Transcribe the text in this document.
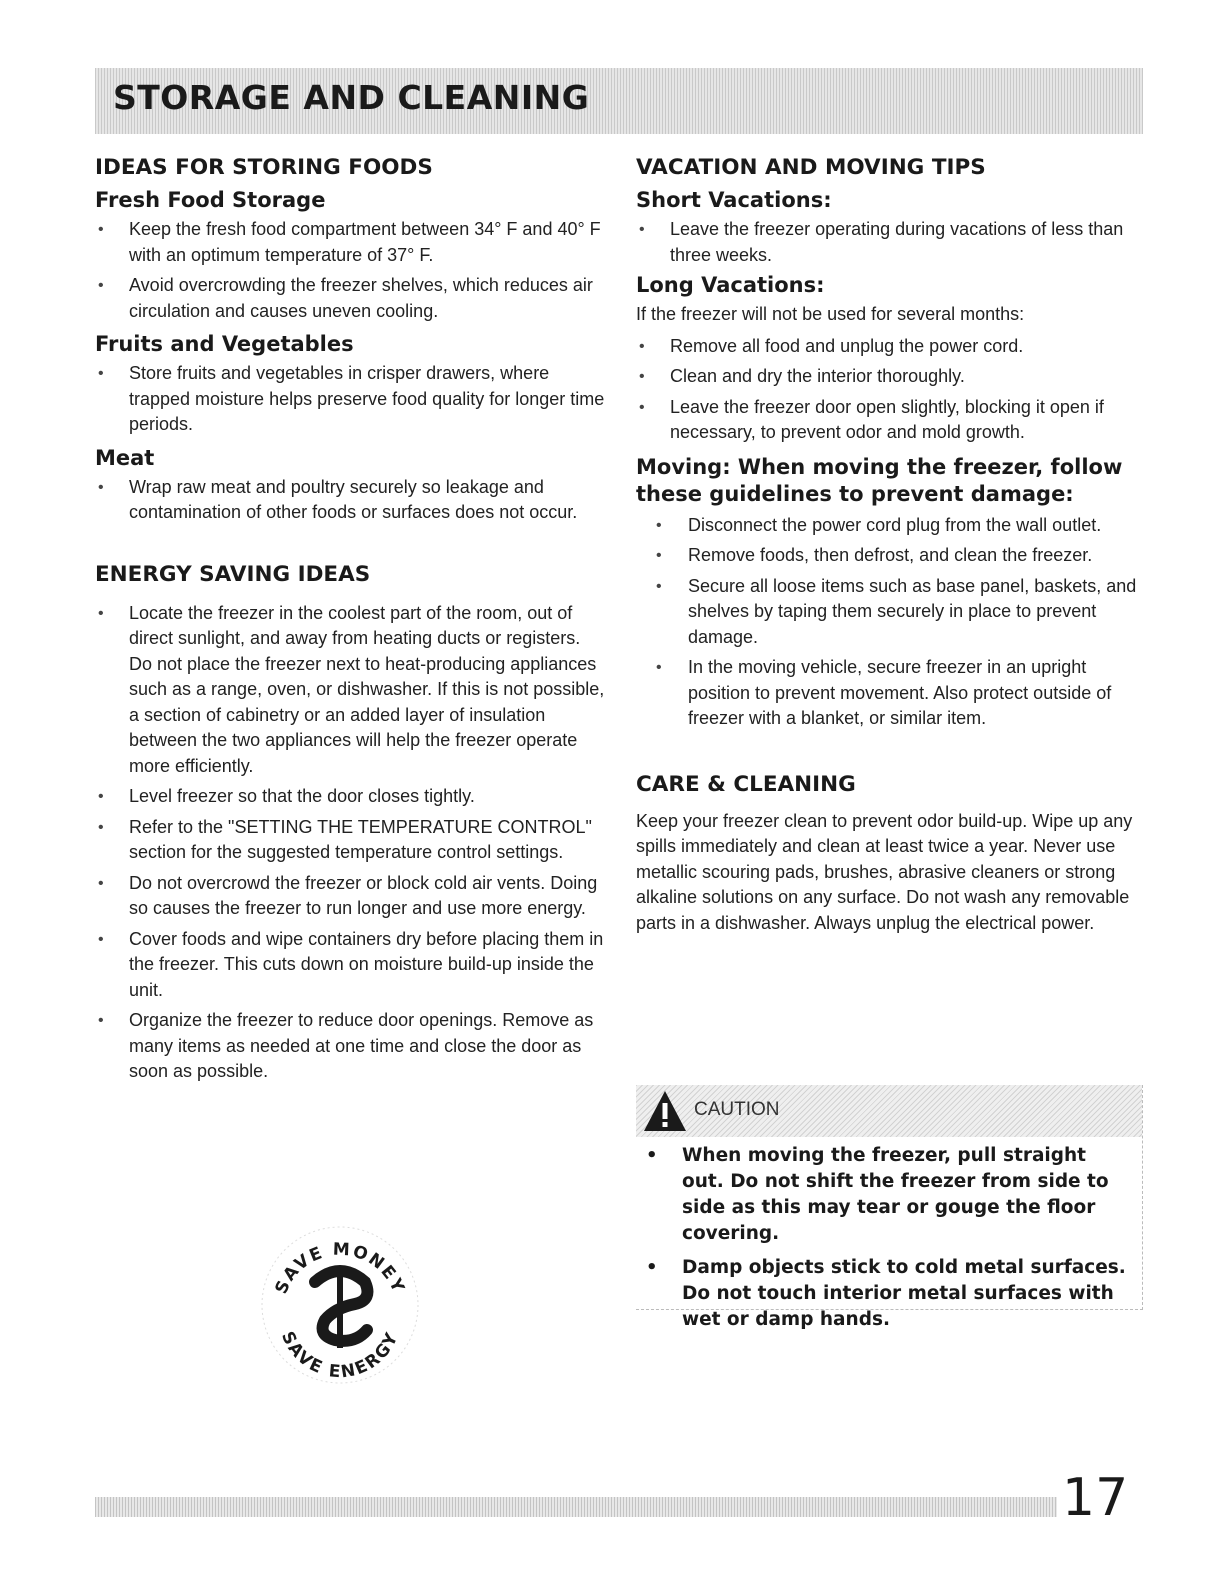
STORAGE AND CLEANING
IDEAS FOR STORING FOODS
Fresh Food Storage
• Keep the fresh food compartment between 34° F and 40° F with an optimum temperature of 37° F.
• Avoid overcrowding the freezer shelves, which reduces air circulation and causes uneven cooling.
Fruits and Vegetables
• Store fruits and vegetables in crisper drawers, where trapped moisture helps preserve food quality for longer time periods.
Meat
• Wrap raw meat and poultry securely so leakage and contamination of other foods or surfaces does not occur.
ENERGY SAVING IDEAS
• Locate the freezer in the coolest part of the room, out of direct sunlight, and away from heating ducts or registers. Do not place the freezer next to heat-producing appliances such as a range, oven, or dishwasher. If this is not possible, a section of cabinetry or an added layer of insulation between the two appliances will help the freezer operate more efficiently.
• Level freezer so that the door closes tightly.
• Refer to the "SETTING THE TEMPERATURE CONTROL" section for the suggested temperature control settings.
• Do not overcrowd the freezer or block cold air vents. Doing so causes the freezer to run longer and use more energy.
• Cover foods and wipe containers dry before placing them in the freezer. This cuts down on moisture build-up inside the unit.
• Organize the freezer to reduce door openings. Remove as many items as needed at one time and close the door as soon as possible.
VACATION AND MOVING TIPS
Short Vacations:
• Leave the freezer operating during vacations of less than three weeks.
Long Vacations:

If the freezer will not be used for several months:

• Remove all food and unplug the power cord.
• Clean and dry the interior thoroughly.
• Leave the freezer door open slightly, blocking it open if necessary, to prevent odor and mold growth.
Moving: When moving the freezer, follow these guidelines to prevent damage:
• Disconnect the power cord plug from the wall outlet.
• Remove foods, then defrost, and clean the freezer.
• Secure all loose items such as base panel, baskets, and shelves by taping them securely in place to prevent damage.
• In the moving vehicle, secure freezer in an upright position to prevent movement. Also protect outside of freezer with a blanket, or similar item.
CARE & CLEANING

Keep your freezer clean to prevent odor build-up. Wipe up any spills immediately and clean at least twice a year. Never use metallic scouring pads, brushes, abrasive cleaners or strong alkaline solutions on any surface. Do not wash any removable parts in a dishwasher. Always unplug the electrical power.

CAUTION
• When moving the freezer, pull straight out. Do not shift the freezer from side to side as this may tear or gouge the floor covering.
• Damp objects stick to cold metal surfaces. Do not touch interior metal surfaces with wet or damp hands.
SAVE MONEY
SAVE ENERGY
17
